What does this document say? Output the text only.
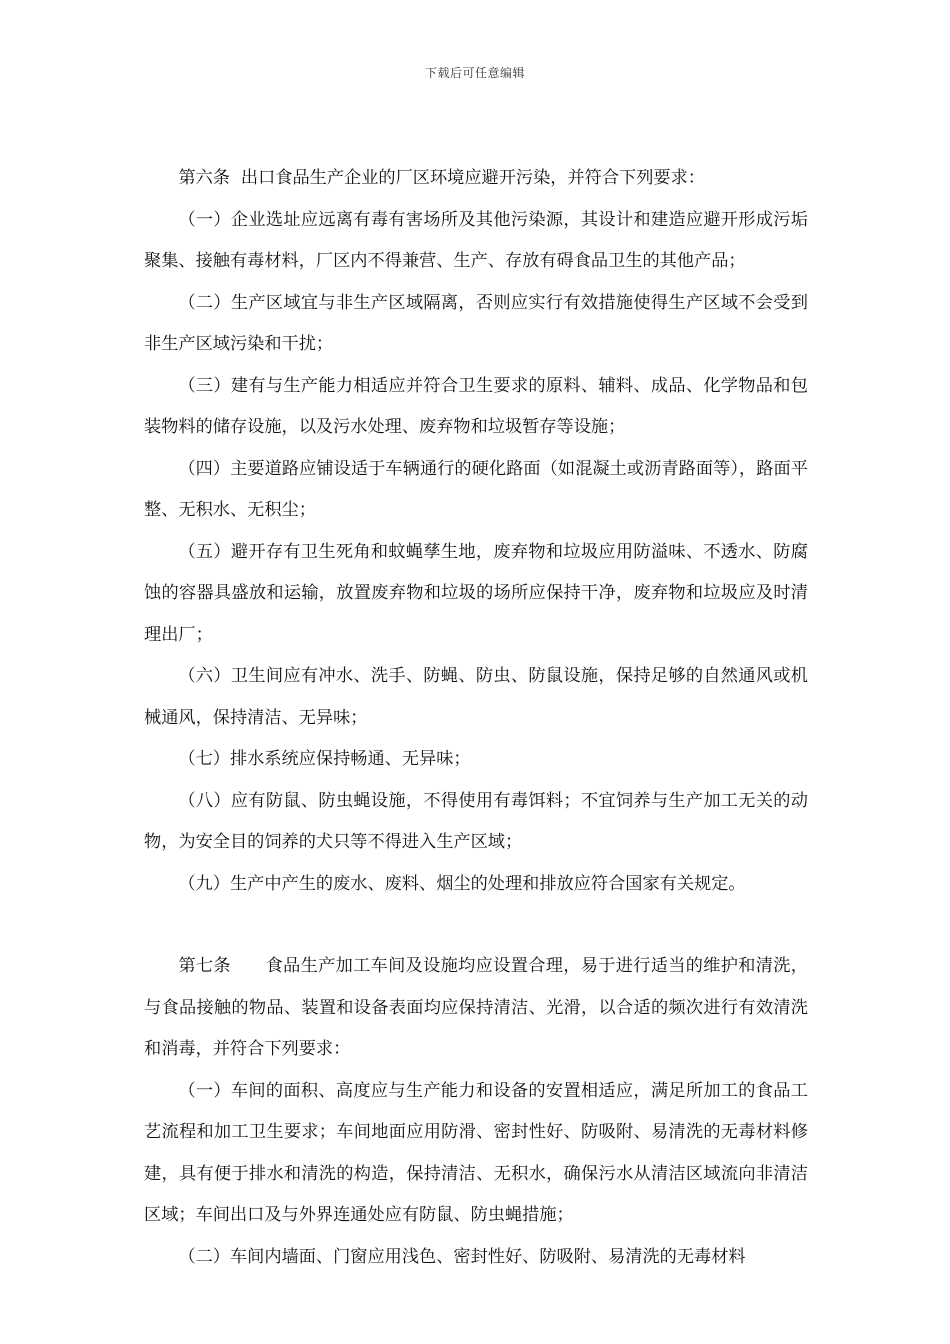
下载后可任意编辑

第六条  出口食品生产企业的厂区环境应避开污染，并符合下列要求：

（一）企业选址应远离有毒有害场所及其他污染源，其设计和建造应避开形成污垢聚集、接触有毒材料，厂区内不得兼营、生产、存放有碍食品卫生的其他产品；

（二）生产区域宜与非生产区域隔离，否则应实行有效措施使得生产区域不会受到非生产区域污染和干扰；

（三）建有与生产能力相适应并符合卫生要求的原料、辅料、成品、化学物品和包装物料的储存设施，以及污水处理、废弃物和垃圾暂存等设施；

（四）主要道路应铺设适于车辆通行的硬化路面（如混凝土或沥青路面等），路面平整、无积水、无积尘；

（五）避开存有卫生死角和蚊蝇孳生地，废弃物和垃圾应用防溢味、不透水、防腐蚀的容器具盛放和运输，放置废弃物和垃圾的场所应保持干净，废弃物和垃圾应及时清理出厂；

（六）卫生间应有冲水、洗手、防蝇、防虫、防鼠设施，保持足够的自然通风或机械通风，保持清洁、无异味；

（七）排水系统应保持畅通、无异味；

（八）应有防鼠、防虫蝇设施，不得使用有毒饵料；不宜饲养与生产加工无关的动物，为安全目的饲养的犬只等不得进入生产区域；

（九）生产中产生的废水、废料、烟尘的处理和排放应符合国家有关规定。

第七条      食品生产加工车间及设施均应设置合理，易于进行适当的维护和清洗，与食品接触的物品、装置和设备表面均应保持清洁、光滑，以合适的频次进行有效清洗和消毒，并符合下列要求：

（一）车间的面积、高度应与生产能力和设备的安置相适应，满足所加工的食品工艺流程和加工卫生要求；车间地面应用防滑、密封性好、防吸附、易清洗的无毒材料修建，具有便于排水和清洗的构造，保持清洁、无积水，确保污水从清洁区域流向非清洁区域；车间出口及与外界连通处应有防鼠、防虫蝇措施；

（二）车间内墙面、门窗应用浅色、密封性好、防吸附、易清洗的无毒材料
